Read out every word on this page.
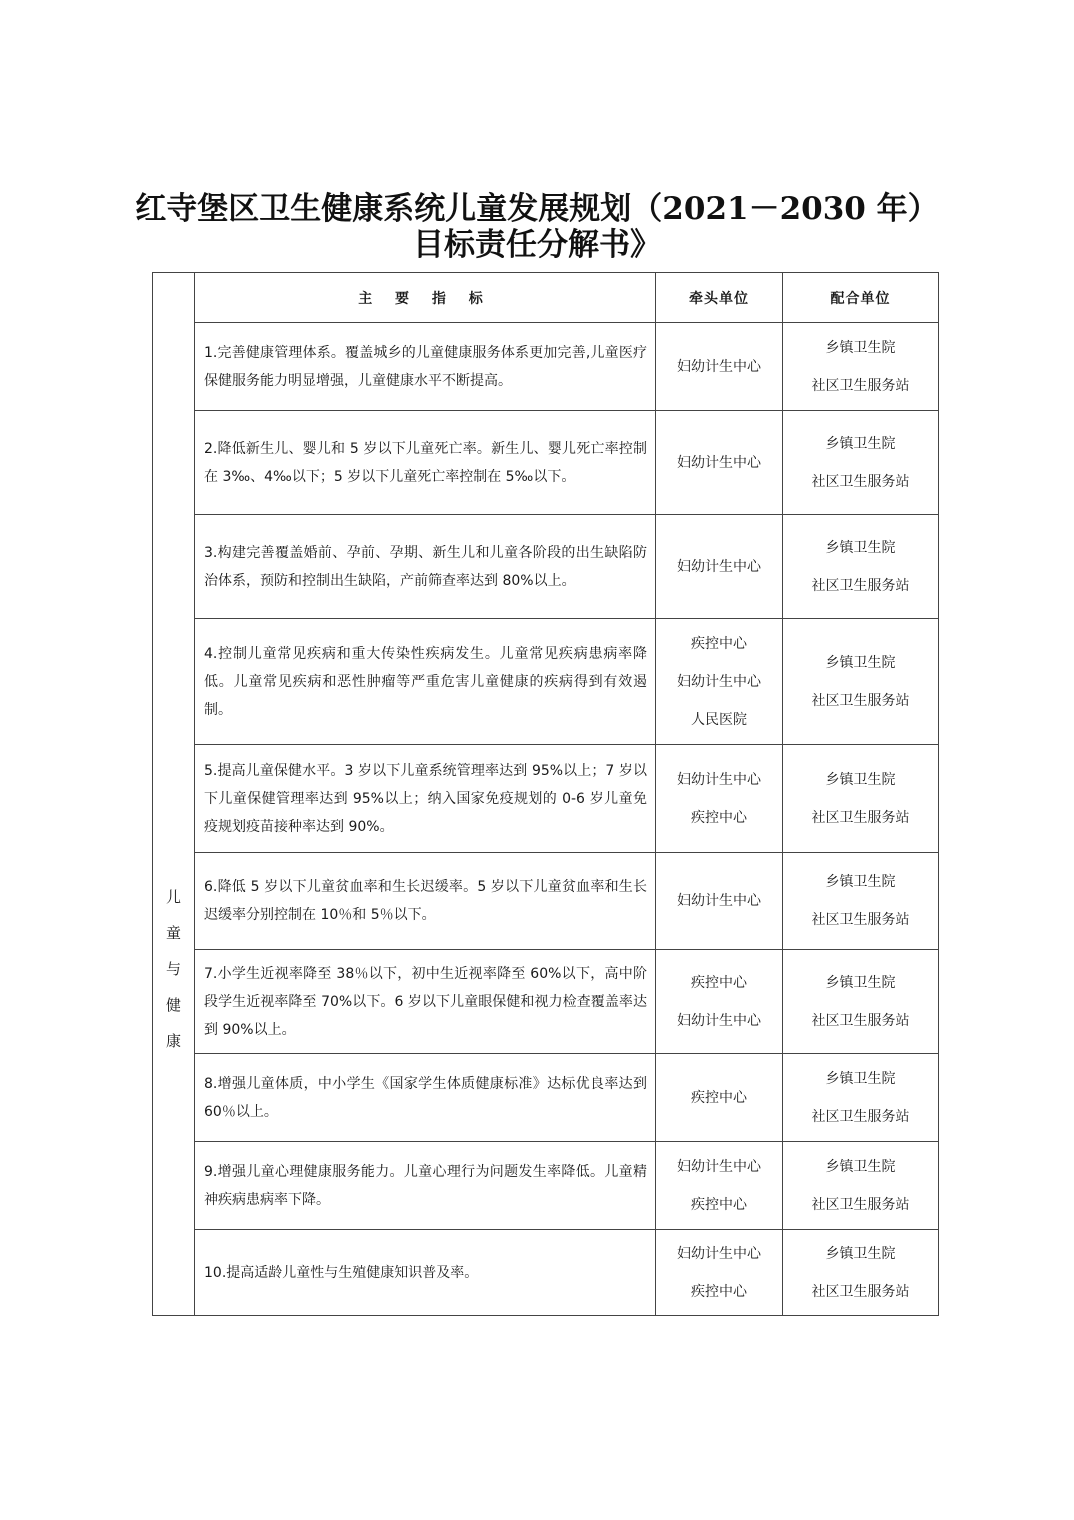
红寺堡区卫生健康系统儿童发展规划（2021－2030 年）
目标责任分解书》
儿
童
与
健
康	主 要 指 标	牵头单位	配合单位
	1.完善健康管理体系。覆盖城乡的儿童健康服务体系更加完善,儿童医疗保健服务能力明显增强，儿童健康水平不断提高。	妇幼计生中心	乡镇卫生院
社区卫生服务站

	2.降低新生儿、婴儿和 5 岁以下儿童死亡率。新生儿、婴儿死亡率控制在 3‰、4‰以下；5 岁以下儿童死亡率控制在 5‰以下。	妇幼计生中心	乡镇卫生院
社区卫生服务站

	3.构建完善覆盖婚前、孕前、孕期、新生儿和儿童各阶段的出生缺陷防治体系，预防和控制出生缺陷，产前筛查率达到 80%以上。	妇幼计生中心	乡镇卫生院
社区卫生服务站

	4.控制儿童常见疾病和重大传染性疾病发生。儿童常见疾病患病率降低。儿童常见疾病和恶性肿瘤等严重危害儿童健康的疾病得到有效遏制。	疾控中心
妇幼计生中心
人民医院	乡镇卫生院
社区卫生服务站

	5.提高儿童保健水平。3 岁以下儿童系统管理率达到 95%以上；7 岁以下儿童保健管理率达到 95%以上；纳入国家免疫规划的 0-6 岁儿童免疫规划疫苗接种率达到 90%。	妇幼计生中心
疾控中心	乡镇卫生院
社区卫生服务站

	6.降低 5 岁以下儿童贫血率和生长迟缓率。5 岁以下儿童贫血率和生长迟缓率分别控制在 10％和 5％以下。	妇幼计生中心	乡镇卫生院
社区卫生服务站

	7.小学生近视率降至 38％以下，初中生近视率降至 60%以下，高中阶段学生近视率降至 70%以下。6 岁以下儿童眼保健和视力检查覆盖率达到 90%以上。	疾控中心
妇幼计生中心	乡镇卫生院
社区卫生服务站

	8.增强儿童体质，中小学生《国家学生体质健康标准》达标优良率达到 60％以上。	疾控中心	乡镇卫生院
社区卫生服务站

	9.增强儿童心理健康服务能力。儿童心理行为问题发生率降低。儿童精神疾病患病率下降。	妇幼计生中心
疾控中心	乡镇卫生院
社区卫生服务站

	10.提高适龄儿童性与生殖健康知识普及率。	妇幼计生中心
疾控中心	乡镇卫生院
社区卫生服务站
